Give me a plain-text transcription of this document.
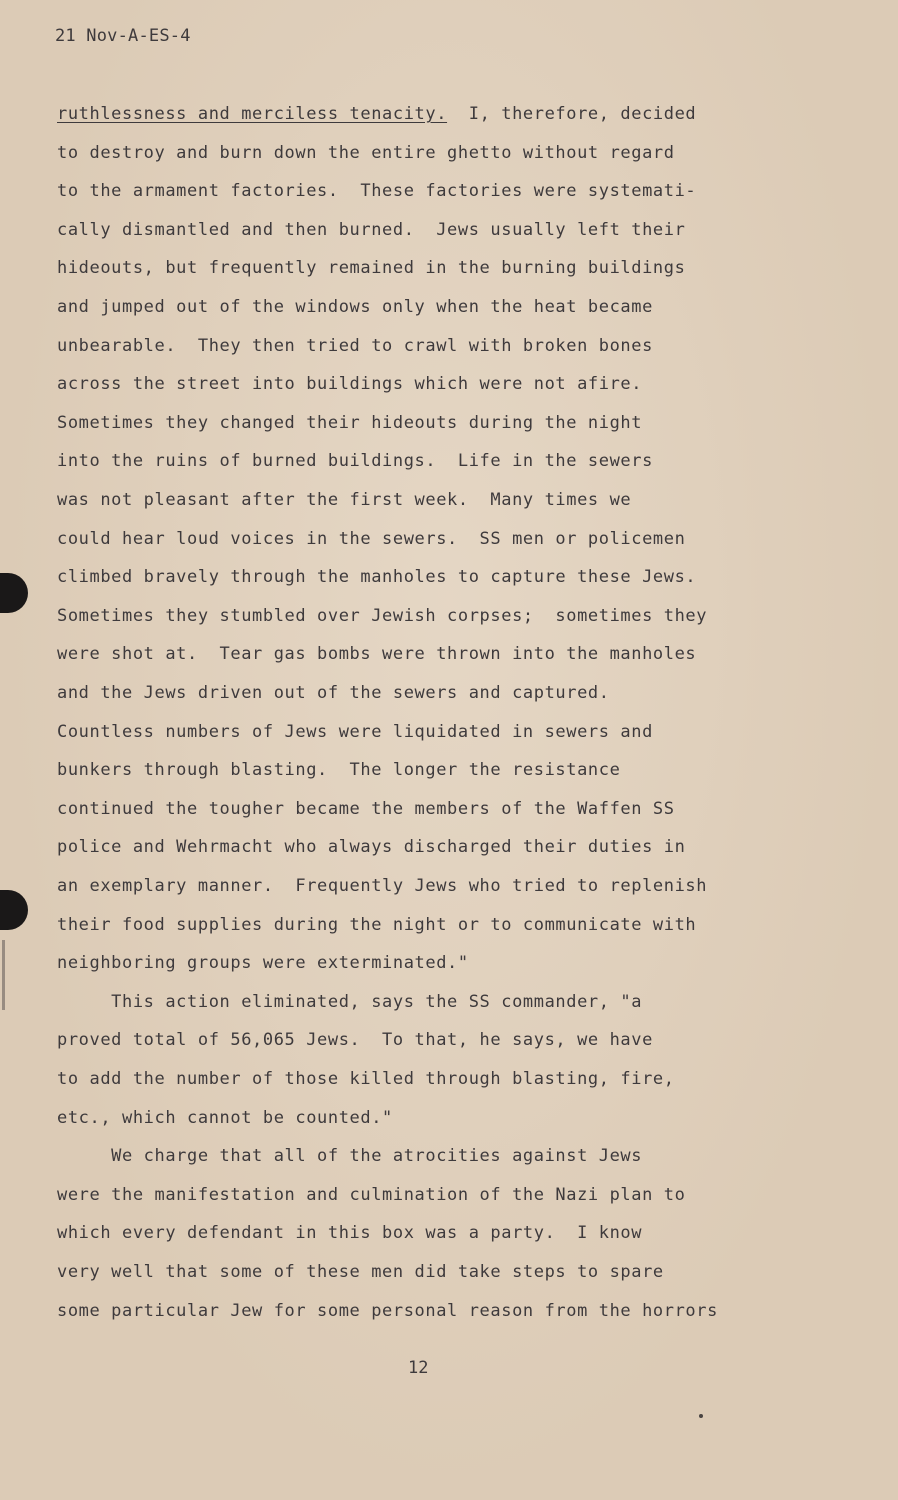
21 Nov-A-ES-4
ruthlessness and merciless tenacity.  I, therefore, decided
to destroy and burn down the entire ghetto without regard
to the armament factories.  These factories were systemati-
cally dismantled and then burned.  Jews usually left their
hideouts, but frequently remained in the burning buildings
and jumped out of the windows only when the heat became
unbearable.  They then tried to crawl with broken bones
across the street into buildings which were not afire.
Sometimes they changed their hideouts during the night
into the ruins of burned buildings.  Life in the sewers
was not pleasant after the first week.  Many times we
could hear loud voices in the sewers.  SS men or policemen
climbed bravely through the manholes to capture these Jews.
Sometimes they stumbled over Jewish corpses;  sometimes they
were shot at.  Tear gas bombs were thrown into the manholes
and the Jews driven out of the sewers and captured.
Countless numbers of Jews were liquidated in sewers and
bunkers through blasting.  The longer the resistance
continued the tougher became the members of the Waffen SS
police and Wehrmacht who always discharged their duties in
an exemplary manner.  Frequently Jews who tried to replenish
their food supplies during the night or to communicate with
neighboring groups were exterminated."
This action eliminated, says the SS commander, "a
proved total of 56,065 Jews.  To that, he says, we have
to add the number of those killed through blasting, fire,
etc., which cannot be counted."
We charge that all of the atrocities against Jews
were the manifestation and culmination of the Nazi plan to
which every defendant in this box was a party.  I know
very well that some of these men did take steps to spare
some particular Jew for some personal reason from the horrors
12
